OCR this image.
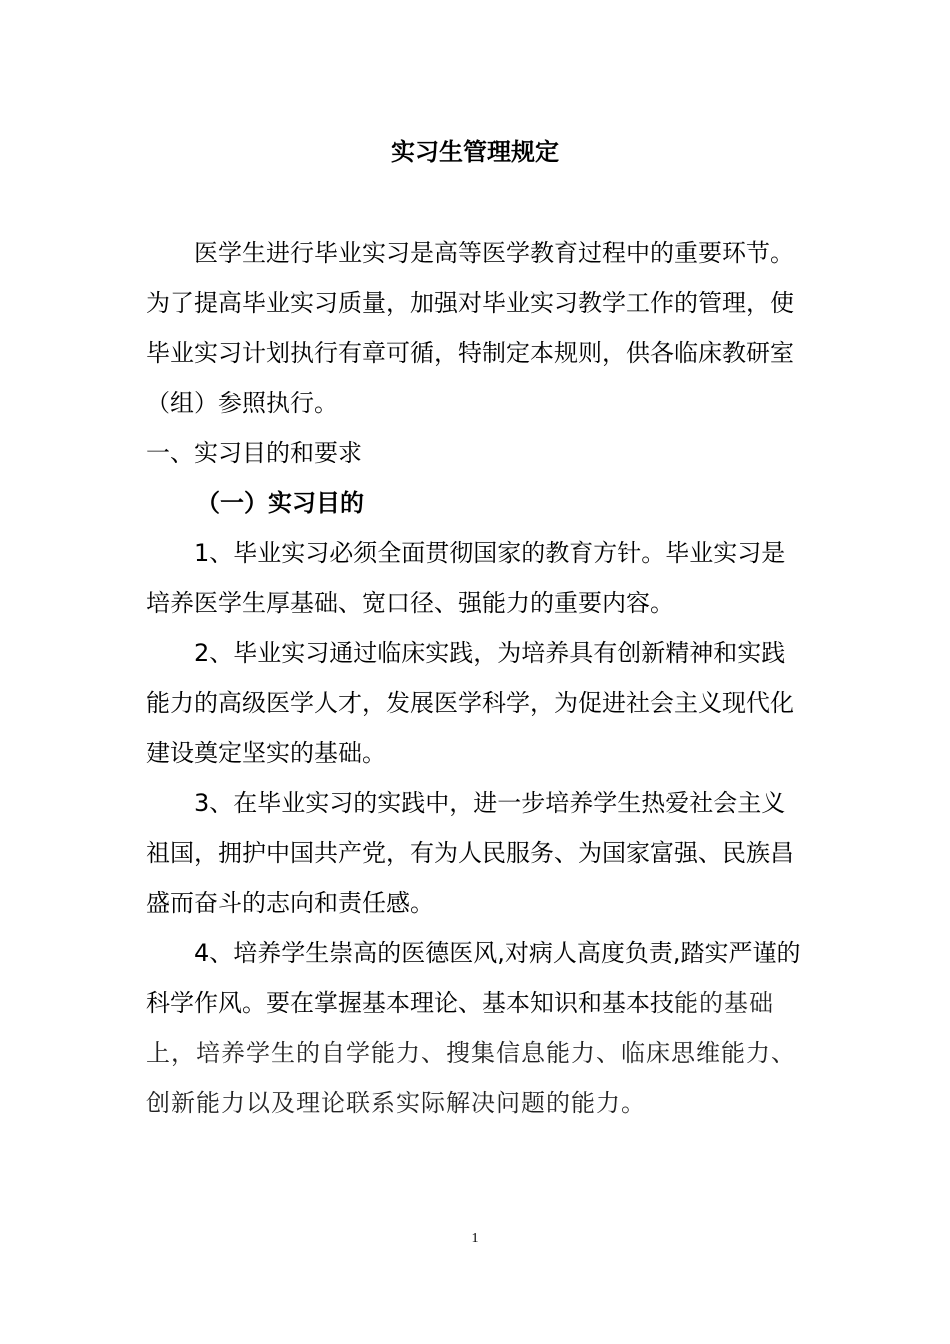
实习生管理规定

医学生进行毕业实习是高等医学教育过程中的重要环节。为了提高毕业实习质量，加强对毕业实习教学工作的管理，使毕业实习计划执行有章可循，特制定本规则，供各临床教研室（组）参照执行。

一、实习目的和要求

（一）实习目的

1、毕业实习必须全面贯彻国家的教育方针。毕业实习是培养医学生厚基础、宽口径、强能力的重要内容。

2、毕业实习通过临床实践，为培养具有创新精神和实践能力的高级医学人才，发展医学科学，为促进社会主义现代化建设奠定坚实的基础。

3、在毕业实习的实践中，进一步培养学生热爱社会主义祖国，拥护中国共产党，有为人民服务、为国家富强、民族昌盛而奋斗的志向和责任感。

4、培养学生崇高的医德医风,对病人高度负责,踏实严谨的科学作风。要在掌握基本理论、基本知识和基本技能的基础上，培养学生的自学能力、搜集信息能力、临床思维能力、创新能力以及理论联系实际解决问题的能力。

1
